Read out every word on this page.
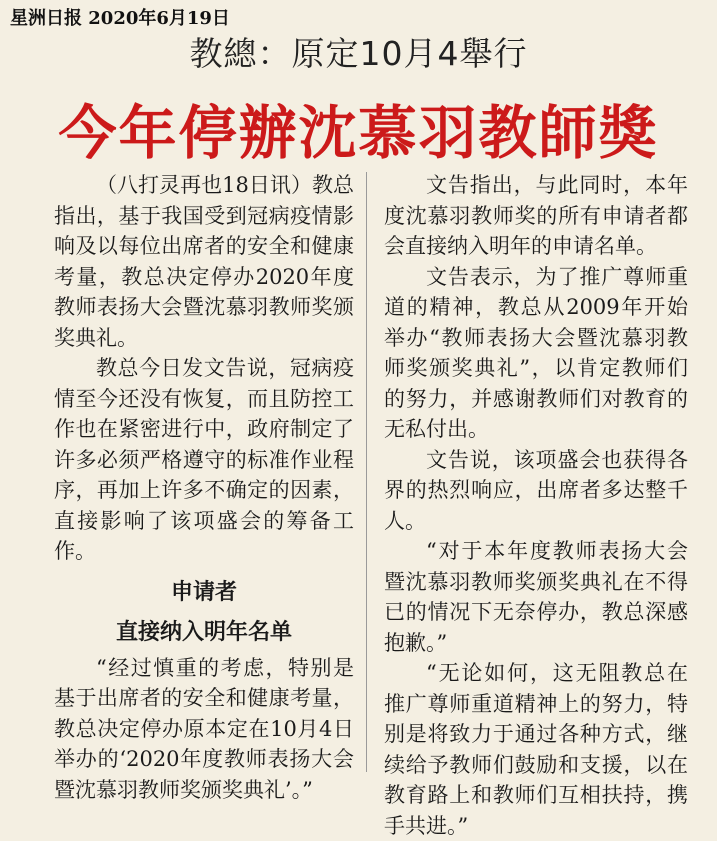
星洲日报 2020年6月19日
教總：原定10月4舉行
今年停辦沈慕羽教師獎

（八打灵再也18日讯）教总指出，基于我国受到冠病疫情影响及以每位出席者的安全和健康考量，教总决定停办2020年度教师表扬大会暨沈慕羽教师奖颁奖典礼。

教总今日发文告说，冠病疫情至今还没有恢复，而且防控工作也在紧密进行中，政府制定了许多必须严格遵守的标准作业程序，再加上许多不确定的因素，直接影响了该项盛会的筹备工作。

申请者

直接纳入明年名单

“经过慎重的考虑，特别是基于出席者的安全和健康考量，教总决定停办原本定在10月4日举办的‘2020年度教师表扬大会暨沈慕羽教师奖颁奖典礼’。”

文告指出，与此同时，本年度沈慕羽教师奖的所有申请者都会直接纳入明年的申请名单。

文告表示，为了推广尊师重道的精神，教总从2009年开始举办“教师表扬大会暨沈慕羽教师奖颁奖典礼”，以肯定教师们的努力，并感谢教师们对教育的无私付出。

文告说，该项盛会也获得各界的热烈响应，出席者多达整千人。

“对于本年度教师表扬大会暨沈慕羽教师奖颁奖典礼在不得已的情况下无奈停办，教总深感抱歉。”

“无论如何，这无阻教总在推广尊师重道精神上的努力，特别是将致力于通过各种方式，继续给予教师们鼓励和支援，以在教育路上和教师们互相扶持，携手共进。”
